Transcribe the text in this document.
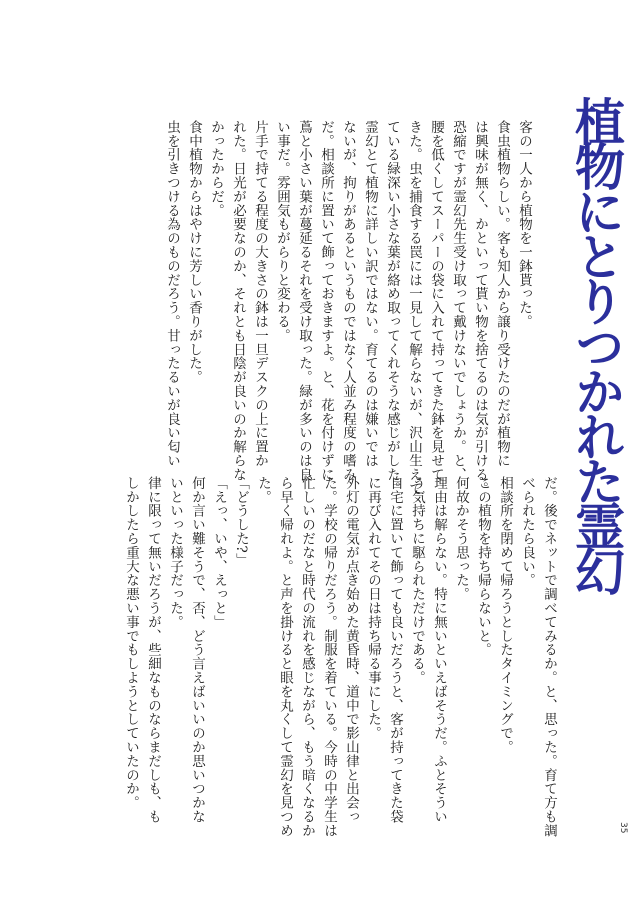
植物にとりつかれた霊幻

客の一人から植物を一鉢貰った。

食虫植物らしい。客も知人から譲り受けたのだが植物に

は興味が無く、かといって貰い物を捨てるのは気が引ける。

恐縮ですが霊幻先生受け取って戴けないでしょうか。と、

腰を低くしてスーパーの袋に入れて持ってきた鉢を見せて

きた。虫を捕食する罠には一見して解らないが、沢山生えて

ている緑深い小さな葉が絡め取ってくれそうな感じがした。

霊幻とて植物に詳しい訳ではない。育てるのは嫌いでは

ないが、拘りがあるというものではなく人並み程度の嗜み

だ。相談所に置いて飾っておきますよ。と、花を付けずに

蔦と小さい葉が蔓延るそれを受け取った。緑が多いのは良

い事だ。雰囲気もがらりと変わる。

片手で持てる程度の大きさの鉢は一旦デスクの上に置か

れた。日光が必要なのか、それとも日陰が良いのか解らな

かったからだ。

食中植物からはやけに芳しい香りがした。

虫を引きつける為のものだろう。甘ったるいが良い匂い

だ。後でネットで調べてみるか。と、思った。育て方も調

べられたら良い。

相談所を閉めて帰ろうとしたタイミングで。

この植物を持ち帰らないと。

何故かそう思った。

理由は解らない。特に無いといえばそうだ。ふとそうい

う気持ちに駆られただけである。

自宅に置いて飾っても良いだろうと、客が持ってきた袋

に再び入れてその日は持ち帰る事にした。

外灯の電気が点き始めた黄昏時、道中で影山律と出会っ

た。学校の帰りだろう。制服を着ている。今時の中学生は

忙しいのだなと時代の流れを感じながら、もう暗くなるか

ら早く帰れよ。と声を掛けると眼を丸くして霊幻を見つめ

た。

「どうした?」

「えっ、いや、えっと」

何か言い難そうで、否、どう言えばいいのか思いつかな

いといった様子だった。

律に限って無いだろうが、些細なものならまだしも、も

しかしたら重大な悪い事でもしようとしていたのか。

35
